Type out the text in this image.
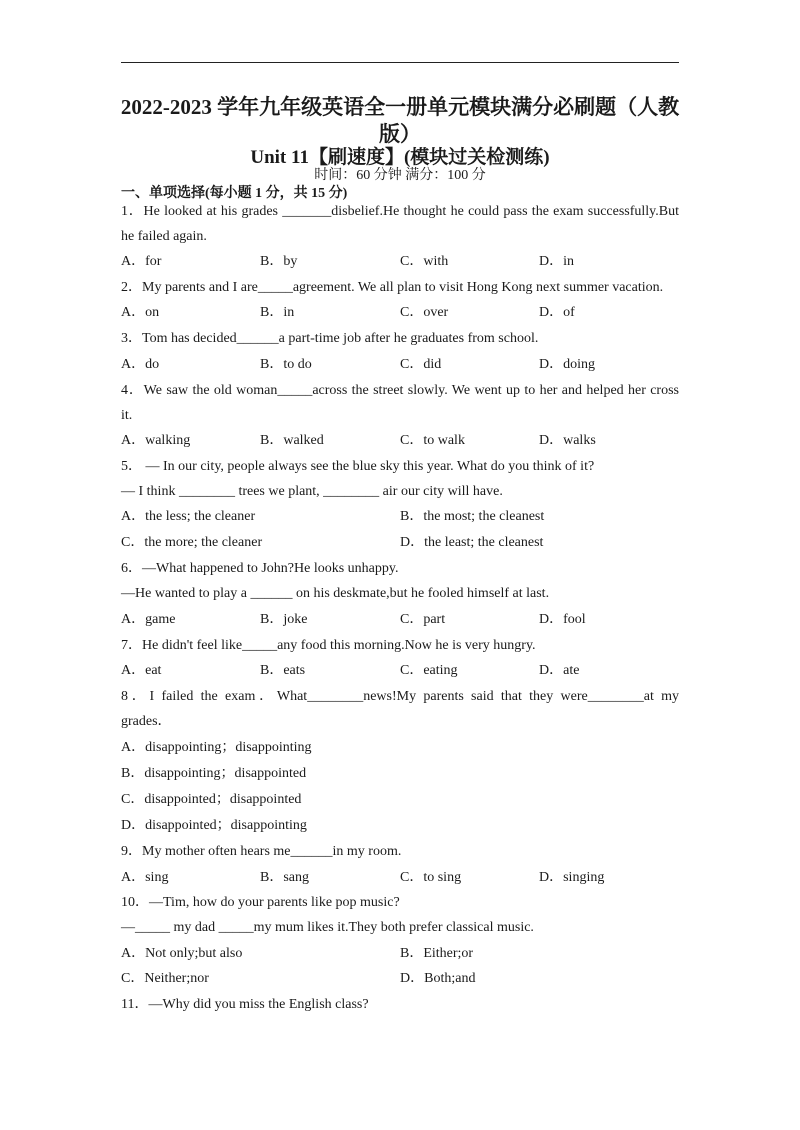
2022-2023 学年九年级英语全一册单元模块满分必刷题（人教
版）
Unit 11【刷速度】(模块过关检测练)
时间：60 分钟 满分：100 分
一、单项选择(每小题 1 分，共 15 分)
1．He looked at his grades _______disbelief.He thought he could pass the exam successfully.But
he failed again.
A．for	B．by	C．with	D．in
2．My parents and I are_____agreement. We all plan to visit Hong Kong next summer vacation.
A．on	B．in	C．over	D．of
3．Tom has decided______a part-time job after he graduates from school.
A．do	B．to do	C．did	D．doing
4．We saw the old woman_____across the street slowly. We went up to her and helped her cross
it.
A．walking	B．walked	C．to walk	D．walks
5． — In our city, people always see the blue sky this year. What do you think of it?
— I think ________ trees we plant, ________ air our city will have.
A．the less; the cleaner	B．the most; the cleanest
C．the more; the cleaner	D．the least; the cleanest
6．—What happened to John?He looks unhappy.
—He wanted to play a ______ on his deskmate,but he fooled himself at last.
A．game	B．joke	C．part	D．fool
7．He didn't feel like_____any food this morning.Now he is very hungry.
A．eat	B．eats	C．eating	D．ate
8．I failed the exam．What________news!My parents said that they were________at my
grades．
A．disappointing；disappointing
B．disappointing；disappointed
C．disappointed；disappointed
D．disappointed；disappointing
9．My mother often hears me______in my room.
A．sing	B．sang	C．to sing	D．singing
10．—Tim, how do your parents like pop music?
—_____ my dad _____my mum likes it.They both prefer classical music.
A．Not only;but also	B．Either;or
C．Neither;nor	D．Both;and
11．—Why did you miss the English class?
